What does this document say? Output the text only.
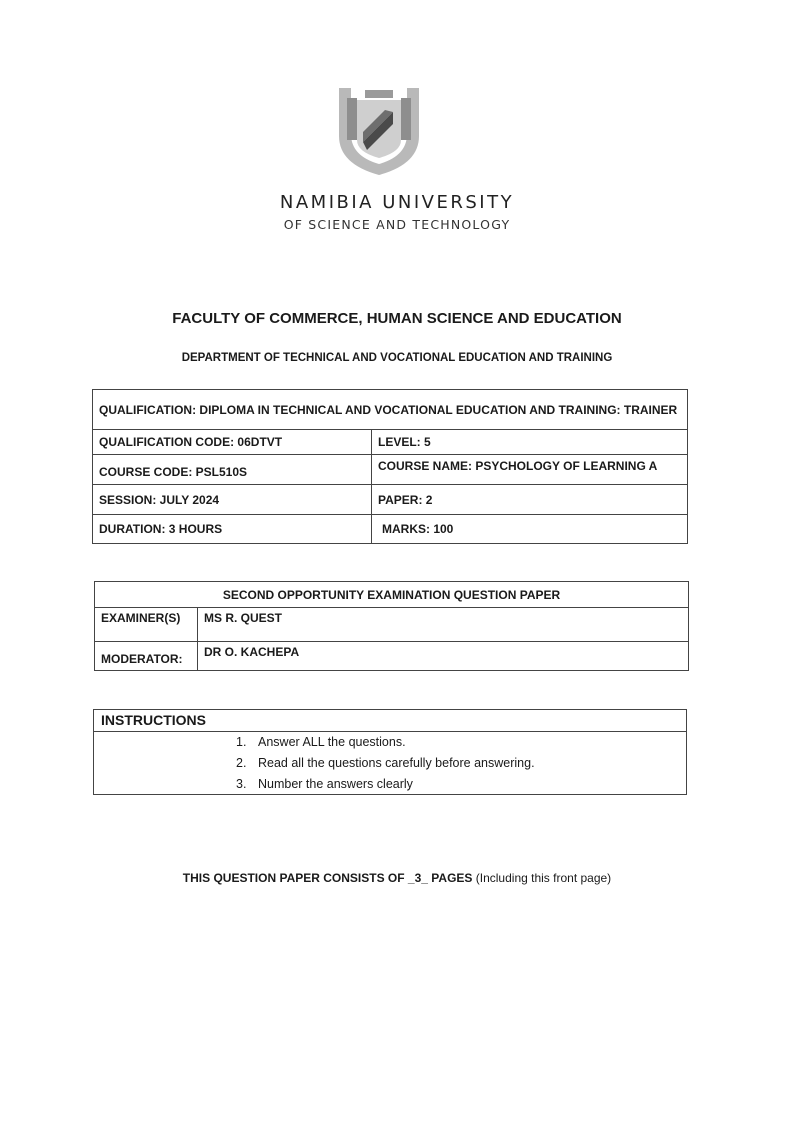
NAMIBIA UNIVERSITY
OF SCIENCE AND TECHNOLOGY
FACULTY OF COMMERCE, HUMAN SCIENCE AND EDUCATION
DEPARTMENT OF TECHNICAL AND VOCATIONAL EDUCATION AND TRAINING
QUALIFICATION: DIPLOMA IN TECHNICAL AND VOCATIONAL EDUCATION AND TRAINING: TRAINER	
QUALIFICATION CODE: 06DTVT	LEVEL: 5
COURSE CODE: PSL510S	COURSE NAME: PSYCHOLOGY OF LEARNING A
SESSION: JULY 2024	PAPER: 2
DURATION: 3 HOURS	MARKS: 100
SECOND OPPORTUNITY EXAMINATION QUESTION PAPER	
EXAMINER(S)	MS R. QUEST
MODERATOR:	DR O. KACHEPA
INSTRUCTIONS
1. Answer ALL the questions.
2. Read all the questions carefully before answering.
3. Number the answers clearly
THIS QUESTION PAPER CONSISTS OF _3_ PAGES (Including this front page)
